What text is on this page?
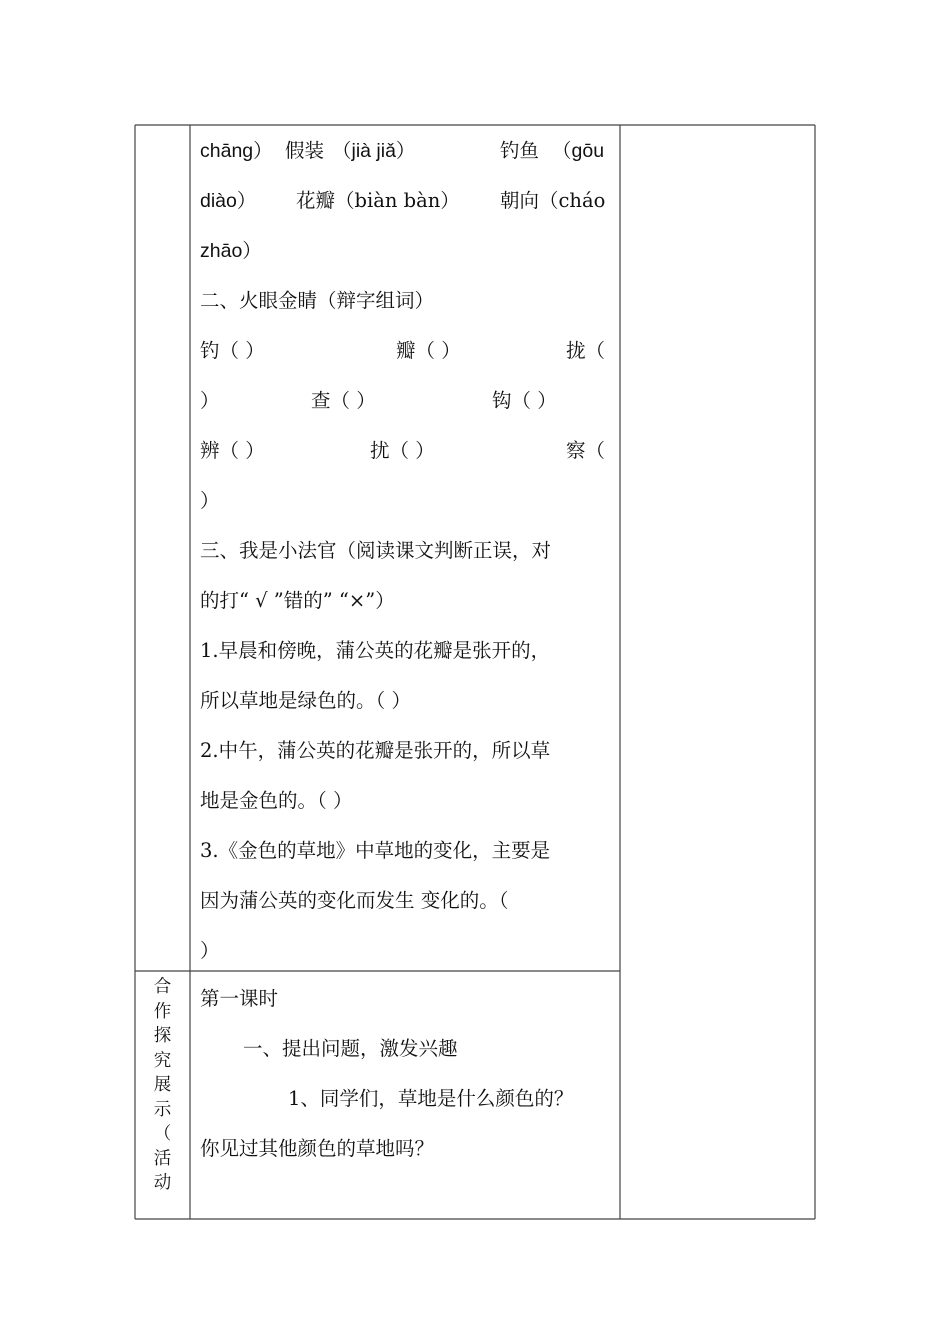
chāng） 假装 （jià jiǎ）	钓鱼 （gōu
diào） 花瓣（biàn bàn） 朝向（cháo
zhāo）
二、火眼金睛（辩字组词）
钓（ ）	瓣（ ）	拢（
）	查（ ）	钩（ ）
辨（ ）	扰（ ）	察（
）
三、我是小法官（阅读课文判断正误，对
的打“ √ ”错的” “×”）
1.早晨和傍晚，蒲公英的花瓣是张开的，
所以草地是绿色的。（ ）
2.中午，蒲公英的花瓣是张开的，所以草
地是金色的。（ ）
3.《金色的草地》中草地的变化，主要是
因为蒲公英的变化而发生 变化的。（
）
合
作
探
究
展
示
（
活
动
第一课时
一、提出问题，激发兴趣
1、同学们，草地是什么颜色的？
你见过其他颜色的草地吗？
